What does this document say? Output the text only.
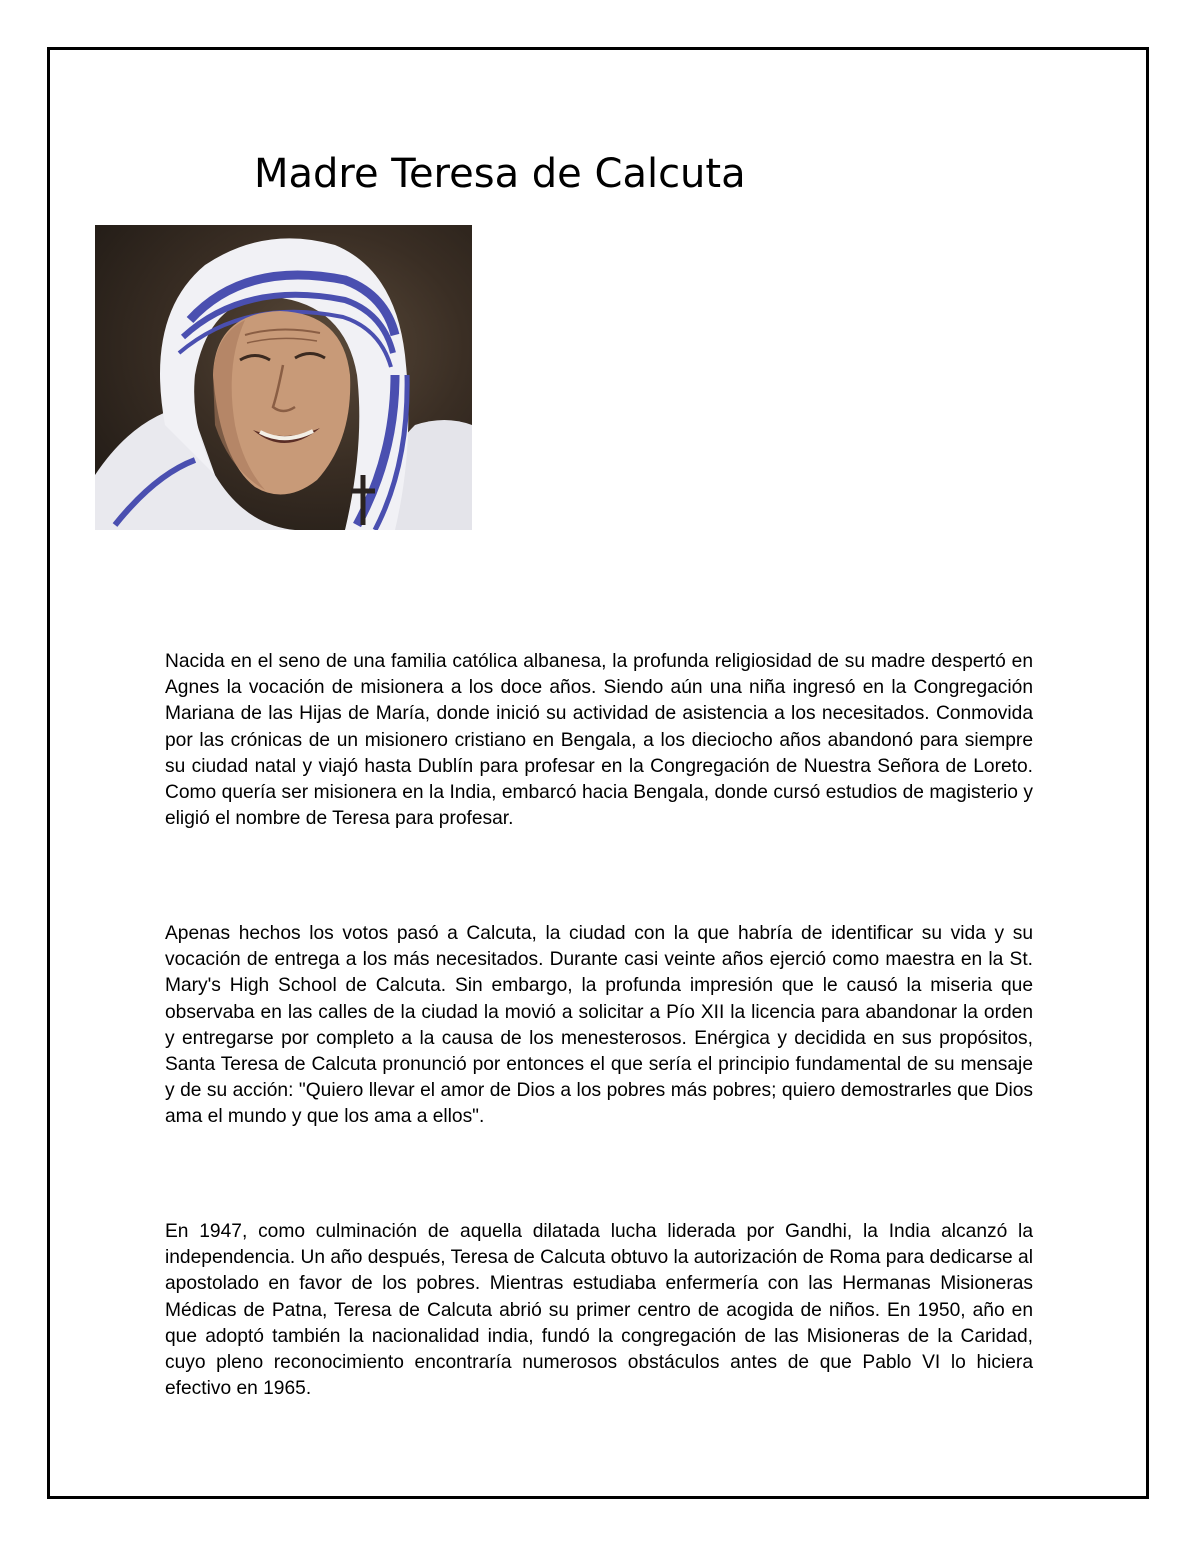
Madre Teresa de Calcuta

Nacida en el seno de una familia católica albanesa, la profunda religiosidad de su madre despertó en Agnes la vocación de misionera a los doce años. Siendo aún una niña ingresó en la Congregación Mariana de las Hijas de María, donde inició su actividad de asistencia a los necesitados. Conmovida por las crónicas de un misionero cristiano en Bengala, a los dieciocho años abandonó para siempre su ciudad natal y viajó hasta Dublín para profesar en la Congregación de Nuestra Señora de Loreto. Como quería ser misionera en la India, embarcó hacia Bengala, donde cursó estudios de magisterio y eligió el nombre de Teresa para profesar.

Apenas hechos los votos pasó a Calcuta, la ciudad con la que habría de identificar su vida y su vocación de entrega a los más necesitados. Durante casi veinte años ejerció como maestra en la St. Mary's High School de Calcuta. Sin embargo, la profunda impresión que le causó la miseria que observaba en las calles de la ciudad la movió a solicitar a Pío XII la licencia para abandonar la orden y entregarse por completo a la causa de los menesterosos. Enérgica y decidida en sus propósitos, Santa Teresa de Calcuta pronunció por entonces el que sería el principio fundamental de su mensaje y de su acción: "Quiero llevar el amor de Dios a los pobres más pobres; quiero demostrarles que Dios ama el mundo y que los ama a ellos".

En 1947, como culminación de aquella dilatada lucha liderada por Gandhi, la India alcanzó la independencia. Un año después, Teresa de Calcuta obtuvo la autorización de Roma para dedicarse al apostolado en favor de los pobres. Mientras estudiaba enfermería con las Hermanas Misioneras Médicas de Patna, Teresa de Calcuta abrió su primer centro de acogida de niños. En 1950, año en que adoptó también la nacionalidad india, fundó la congregación de las Misioneras de la Caridad, cuyo pleno reconocimiento encontraría numerosos obstáculos antes de que Pablo VI lo hiciera efectivo en 1965.
